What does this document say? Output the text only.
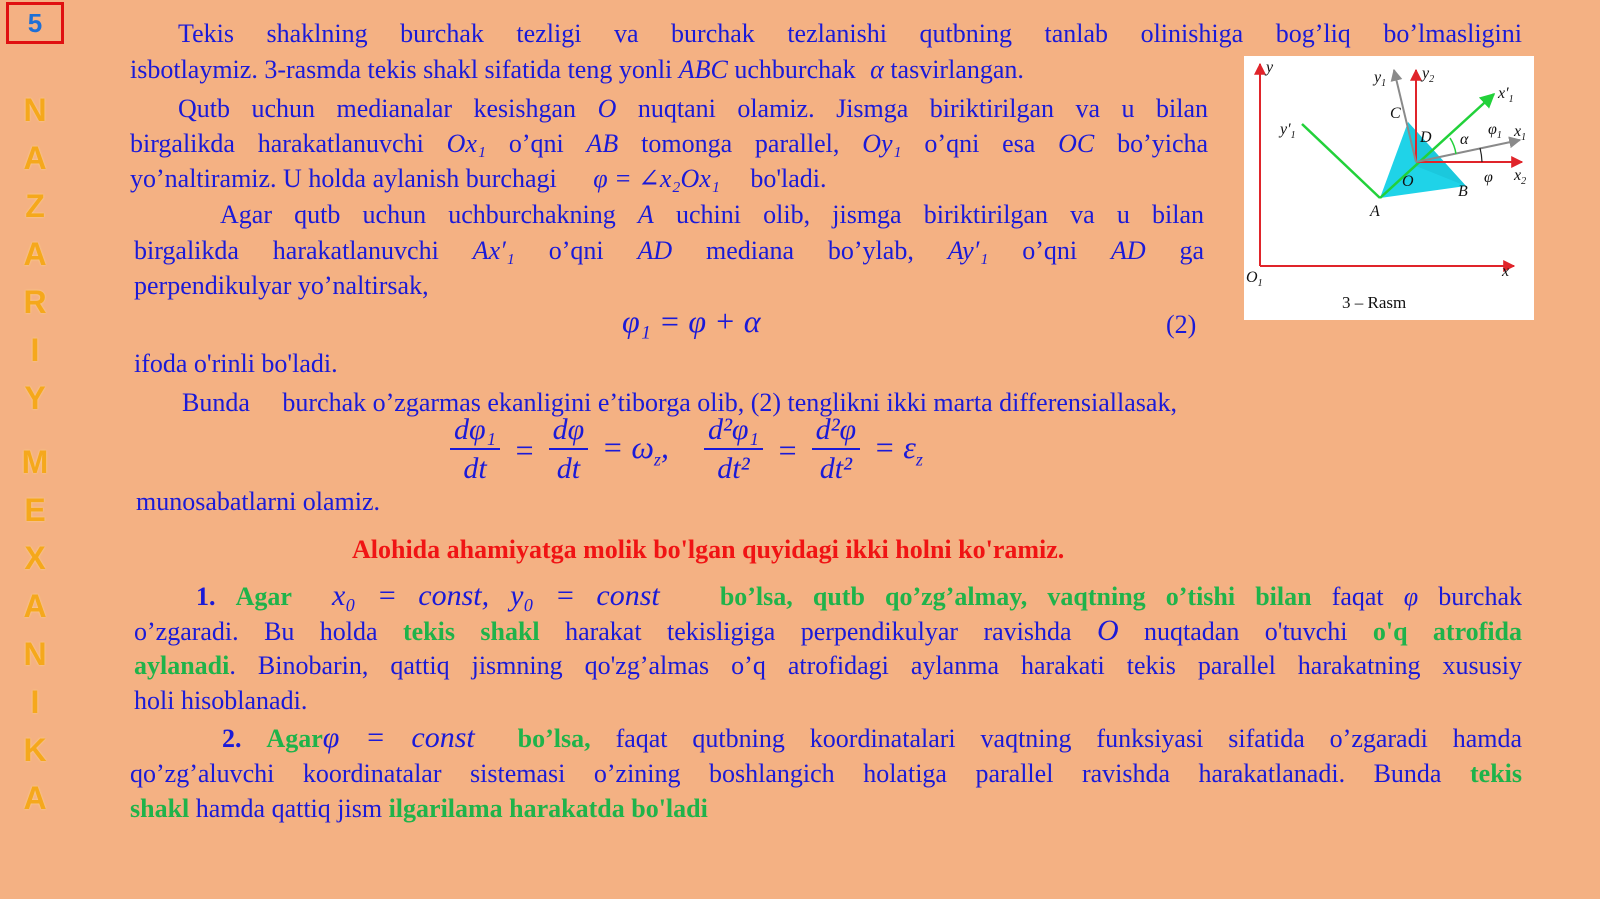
5
N
A
Z
A
R
I
Y
M
E
X
A
N
I
K
A
Tekis shaklning burchak tezligi va burchak tezlanishi qutbning tanlab olinishiga bog’liq bo’lmasligini
isbotlaymiz. 3-rasmda tekis shakl sifatida teng yonli ABC uchburchak α tasvirlangan.
Qutb uchun medianalar kesishgan O nuqtani olamiz. Jismga biriktirilgan va u bilan
birgalikda harakatlanuvchi Ox₁ o’qni AB tomonga parallel, Oy₁ o’qni esa OC bo’yicha
yo’naltiramiz. U holda aylanish burchagi φ = ∠x₂Ox₁ bo'ladi.
Agar qutb uchun uchburchakning A uchini olib, jismga biriktirilgan va u bilan
birgalikda harakatlanuvchi Ax′₁ o’qni AD mediana bo’ylab, Ay′₁ o’qni AD ga
perpendikulyar yo’naltirsak,
φ₁ = φ + α	(2)
ifoda o'rinli bo'ladi.
Bunda     burchak o’zgarmas ekanligini e’tiborga olib, (2) tenglikni ikki marta differensiallasak,
$\frac{\text{dφ₁}}{dt} = \frac{d\varphi}{dt} = \omega_z$, $\frac{\text{d²φ₁}}{\text{dt²}} = \frac{\text{d²φ}}{\text{dt²}} = \varepsilon_z$
munosabatlarni olamiz.
Alohida ahamiyatga molik bo'lgan quyidagi ikki holni ko'ramiz.
1. Agar x₀ = const, y₀ = const bo’lsa, qutb qo’zg’almay, vaqtning o’tishi bilan faqat φ burchak
o’zgaradi. Bu holda tekis shakl harakat tekisligiga perpendikulyar ravishda O nuqtadan o'tuvchi o'q atrofida
aylanadi. Binobarin, qattiq jismning qo'zg’almas o’q atrofidagi aylanma harakati tekis parallel harakatning xususiy
holi hisoblanadi.
2. Agarφ = const bo’lsa, faqat qutbning koordinatalari vaqtning funksiyasi sifatida o’zgaradi hamda
qo’zg’aluvchi koordinatalar sistemasi o’zining boshlangich holatiga parallel ravishda harakatlanadi. Bunda tekis
shakl hamda qattiq jism ilgarilama harakatda bo'ladi
y
x
$O_1$
$y_1$
$y_2$
$x'_1$
$x_1$
$x_2$
$y'_1$
C
D
O
A
B
α
$\varphi_1$
φ
3 – Rasm
